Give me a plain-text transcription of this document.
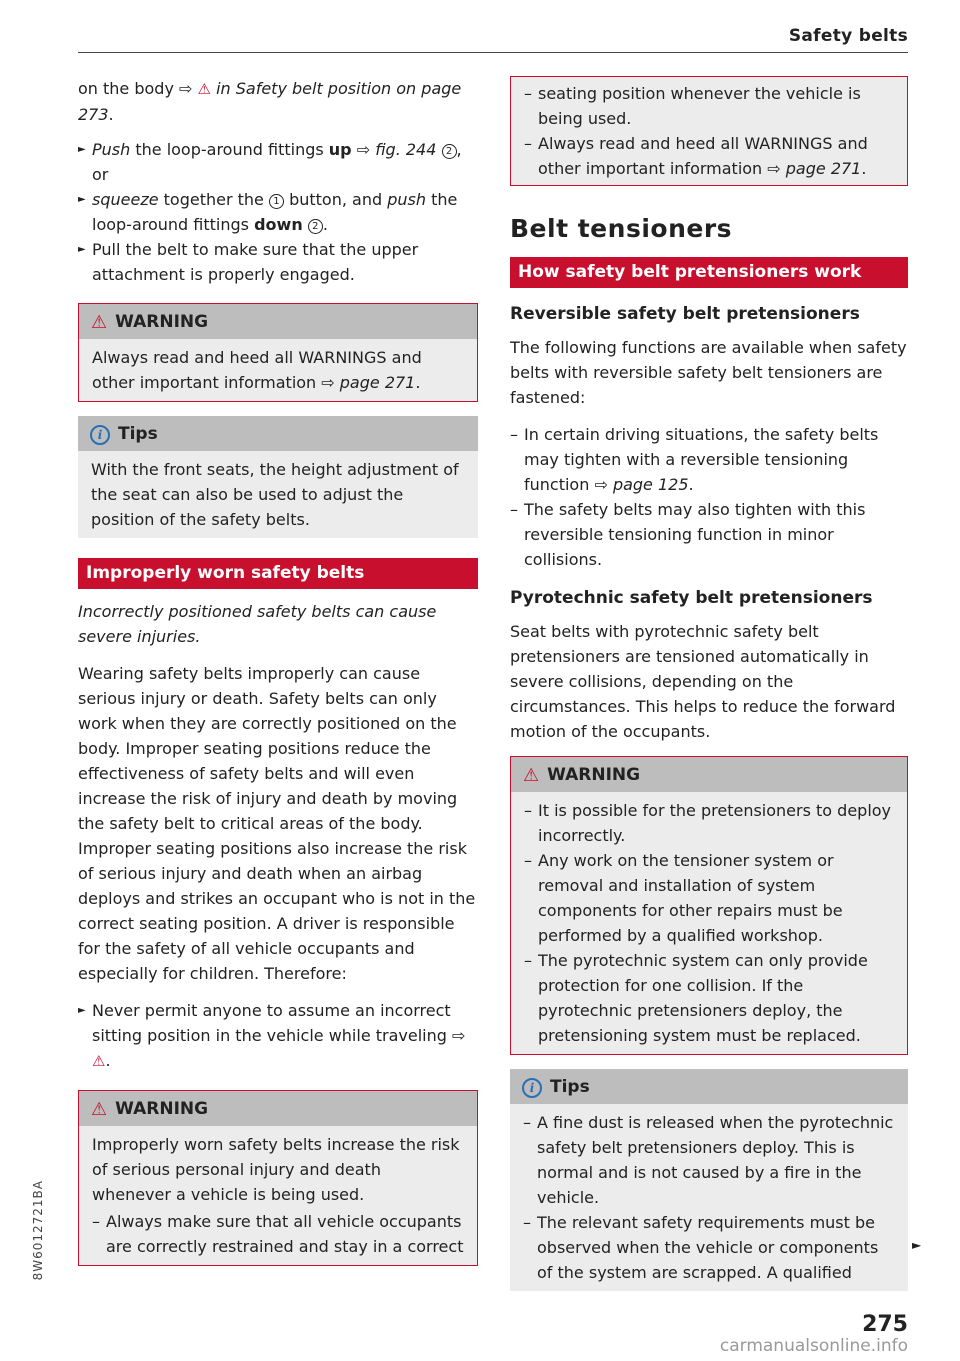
Safety belts

on the body ⇨ ⚠ in Safety belt position on page 273.

► Push the loop-around fittings up ⇨ fig. 244 2 , or

► squeeze together the 1 button, and push the loop-around fittings down 2 .

► Pull the belt to make sure that the upper attachment is properly engaged.

⚠ WARNING
Always read and heed all WARNINGS and other important information ⇨ page 271.
i Tips
With the front seats, the height adjustment of the seat can also be used to adjust the position of the safety belts.
Improperly worn safety belts

Incorrectly positioned safety belts can cause severe injuries.

Wearing safety belts improperly can cause serious injury or death. Safety belts can only work when they are correctly positioned on the body. Improper seating positions reduce the effectiveness of safety belts and will even increase the risk of injury and death by moving the safety belt to critical areas of the body. Improper seating positions also increase the risk of serious injury and death when an airbag deploys and strikes an occupant who is not in the correct seating position. A driver is responsible for the safety of all vehicle occupants and especially for children. Therefore:

► Never permit anyone to assume an incorrect sitting position in the vehicle while traveling ⇨ ⚠.

⚠ WARNING

Improperly worn safety belts increase the risk of serious personal injury and death whenever a vehicle is being used.

– Always make sure that all vehicle occupants are correctly restrained and stay in a correct

– seating position whenever the vehicle is being used.

– Always read and heed all WARNINGS and other important information ⇨ page 271.

Belt tensioners
How safety belt pretensioners work
Reversible safety belt pretensioners

The following functions are available when safety belts with reversible safety belt tensioners are fastened:

– In certain driving situations, the safety belts may tighten with a reversible tensioning function ⇨ page 125.

– The safety belts may also tighten with this reversible tensioning function in minor collisions.

Pyrotechnic safety belt pretensioners

Seat belts with pyrotechnic safety belt pretensioners are tensioned automatically in severe collisions, depending on the circumstances. This helps to reduce the forward motion of the occupants.

⚠ WARNING

– It is possible for the pretensioners to deploy incorrectly.

– Any work on the tensioner system or removal and installation of system components for other repairs must be performed by a qualified workshop.

– The pyrotechnic system can only provide protection for one collision. If the pyrotechnic pretensioners deploy, the pretensioning system must be replaced.

i Tips

– A fine dust is released when the pyrotechnic safety belt pretensioners deploy. This is normal and is not caused by a fire in the vehicle.

– The relevant safety requirements must be observed when the vehicle or components of the system are scrapped. A qualified

►
275
8W6012721BA
carmanualsonline.info
